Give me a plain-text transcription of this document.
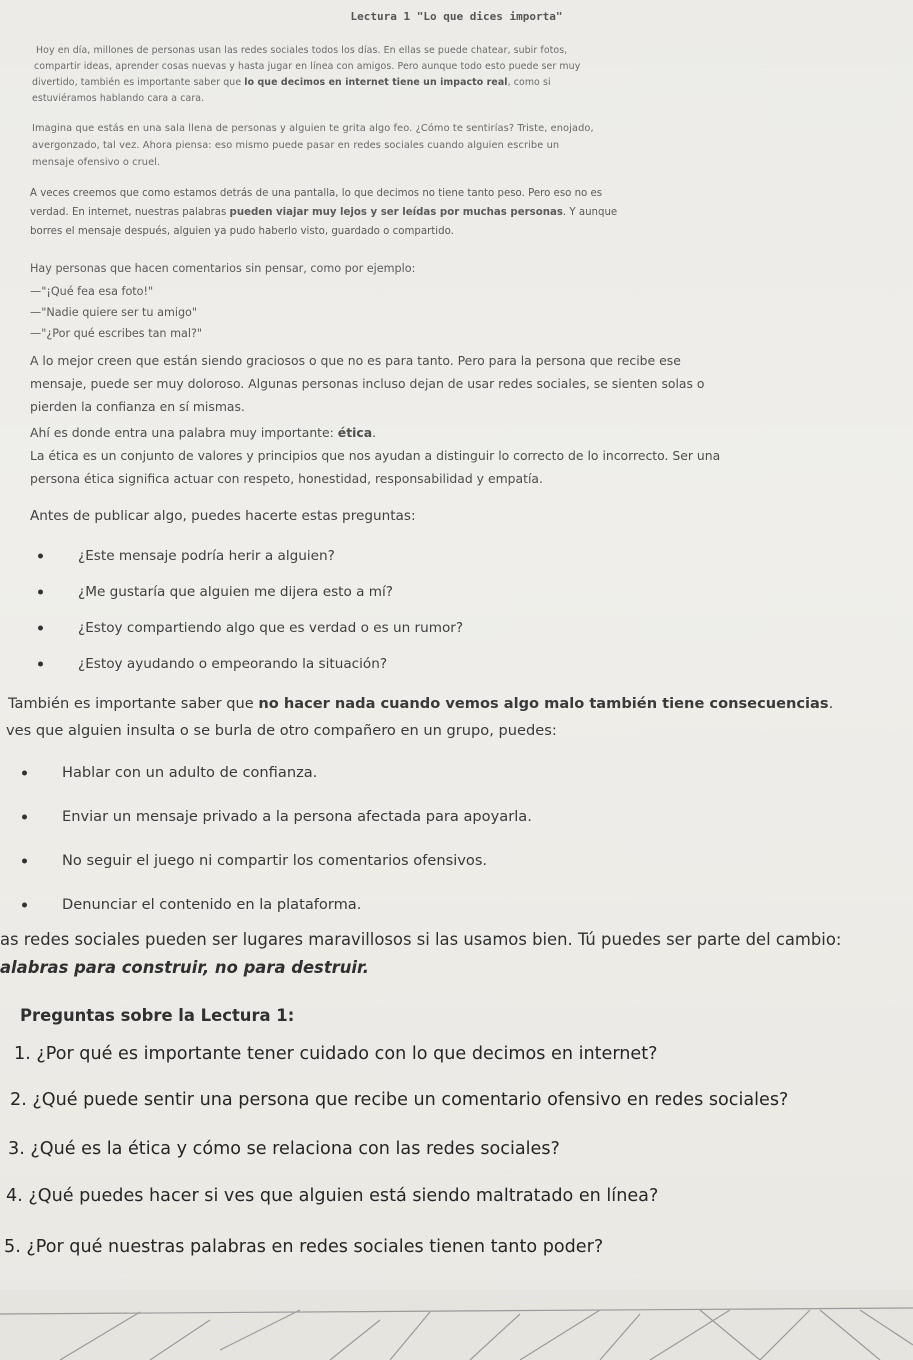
Lectura 1 "Lo que dices importa"
Hoy en día, millones de personas usan las redes sociales todos los días. En ellas se puede chatear, subir fotos,
compartir ideas, aprender cosas nuevas y hasta jugar en línea con amigos. Pero aunque todo esto puede ser muy
divertido, también es importante saber que lo que decimos en internet tiene un impacto real, como si
estuviéramos hablando cara a cara.
Imagina que estás en una sala llena de personas y alguien te grita algo feo. ¿Cómo te sentirías? Triste, enojado,
avergonzado, tal vez. Ahora piensa: eso mismo puede pasar en redes sociales cuando alguien escribe un
mensaje ofensivo o cruel.
A veces creemos que como estamos detrás de una pantalla, lo que decimos no tiene tanto peso. Pero eso no es
verdad. En internet, nuestras palabras pueden viajar muy lejos y ser leídas por muchas personas. Y aunque
borres el mensaje después, alguien ya pudo haberlo visto, guardado o compartido.
Hay personas que hacen comentarios sin pensar, como por ejemplo:
—"¡Qué fea esa foto!"
—"Nadie quiere ser tu amigo"
—"¿Por qué escribes tan mal?"
A lo mejor creen que están siendo graciosos o que no es para tanto. Pero para la persona que recibe ese
mensaje, puede ser muy doloroso. Algunas personas incluso dejan de usar redes sociales, se sienten solas o
pierden la confianza en sí mismas.
Ahí es donde entra una palabra muy importante: ética.
La ética es un conjunto de valores y principios que nos ayudan a distinguir lo correcto de lo incorrecto. Ser una
persona ética significa actuar con respeto, honestidad, responsabilidad y empatía.
Antes de publicar algo, puedes hacerte estas preguntas:
¿Este mensaje podría herir a alguien?
¿Me gustaría que alguien me dijera esto a mí?
¿Estoy compartiendo algo que es verdad o es un rumor?
¿Estoy ayudando o empeorando la situación?
También es importante saber que no hacer nada cuando vemos algo malo también tiene consecuencias.
ves que alguien insulta o se burla de otro compañero en un grupo, puedes:
Hablar con un adulto de confianza.
Enviar un mensaje privado a la persona afectada para apoyarla.
No seguir el juego ni compartir los comentarios ofensivos.
Denunciar el contenido en la plataforma.
as redes sociales pueden ser lugares maravillosos si las usamos bien. Tú puedes ser parte del cambio:
alabras para construir, no para destruir.
Preguntas sobre la Lectura 1:
1. ¿Por qué es importante tener cuidado con lo que decimos en internet?
2. ¿Qué puede sentir una persona que recibe un comentario ofensivo en redes sociales?
3. ¿Qué es la ética y cómo se relaciona con las redes sociales?
4. ¿Qué puedes hacer si ves que alguien está siendo maltratado en línea?
5. ¿Por qué nuestras palabras en redes sociales tienen tanto poder?
